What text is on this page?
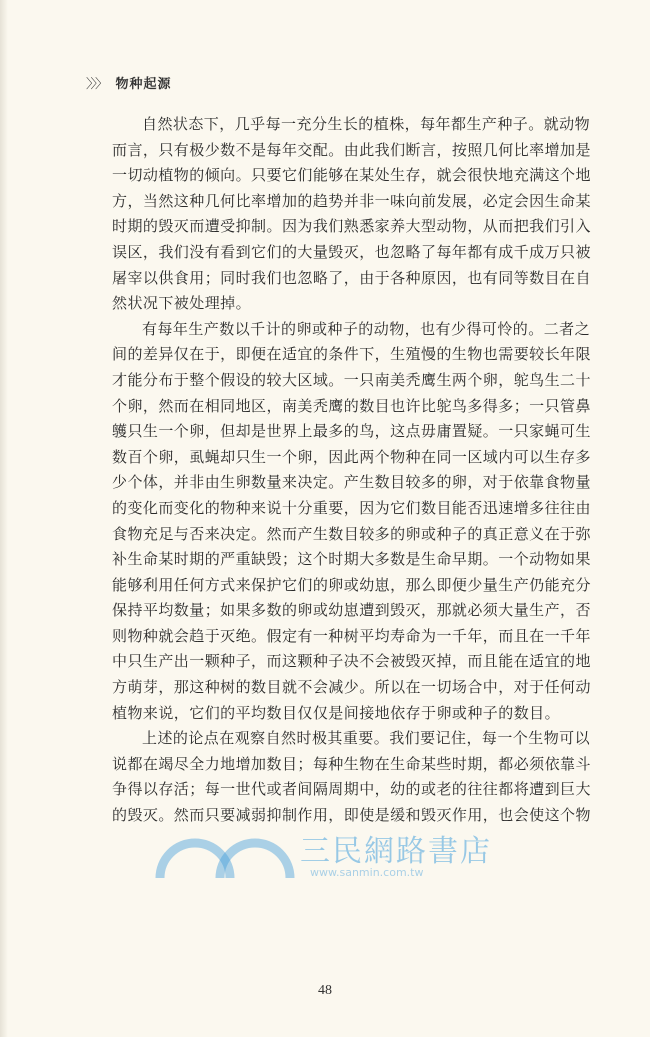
〉〉〉 物种起源

自然状态下，几乎每一充分生长的植株，每年都生产种子。就动物
而言，只有极少数不是每年交配。由此我们断言，按照几何比率增加是
一切动植物的倾向。只要它们能够在某处生存，就会很快地充满这个地
方，当然这种几何比率增加的趋势并非一味向前发展，必定会因生命某
时期的毁灭而遭受抑制。因为我们熟悉家养大型动物，从而把我们引入
误区，我们没有看到它们的大量毁灭，也忽略了每年都有成千成万只被
屠宰以供食用；同时我们也忽略了，由于各种原因，也有同等数目在自
然状况下被处理掉。

有每年生产数以千计的卵或种子的动物，也有少得可怜的。二者之
间的差异仅在于，即便在适宜的条件下，生殖慢的生物也需要较长年限
才能分布于整个假设的较大区域。一只南美秃鹰生两个卵，鸵鸟生二十
个卵，然而在相同地区，南美秃鹰的数目也许比鸵鸟多得多；一只管鼻
鹱只生一个卵，但却是世界上最多的鸟，这点毋庸置疑。一只家蝇可生
数百个卵，虱蝇却只生一个卵，因此两个物种在同一区域内可以生存多
少个体，并非由生卵数量来决定。产生数目较多的卵，对于依靠食物量
的变化而变化的物种来说十分重要，因为它们数目能否迅速增多往往由
食物充足与否来决定。然而产生数目较多的卵或种子的真正意义在于弥
补生命某时期的严重缺毁；这个时期大多数是生命早期。一个动物如果
能够利用任何方式来保护它们的卵或幼崽，那么即便少量生产仍能充分
保持平均数量；如果多数的卵或幼崽遭到毁灭，那就必须大量生产，否
则物种就会趋于灭绝。假定有一种树平均寿命为一千年，而且在一千年
中只生产出一颗种子，而这颗种子决不会被毁灭掉，而且能在适宜的地
方萌芽，那这种树的数目就不会减少。所以在一切场合中，对于任何动
植物来说，它们的平均数目仅仅是间接地依存于卵或种子的数目。

上述的论点在观察自然时极其重要。我们要记住，每一个生物可以
说都在竭尽全力地增加数目；每种生物在生命某些时期，都必须依靠斗
争得以存活；每一世代或者间隔周期中，幼的或老的往往都将遭到巨大
的毁灭。然而只要减弱抑制作用，即使是缓和毁灭作用，也会使这个物

三民網路書店
www.sanmin.com.tw
48
